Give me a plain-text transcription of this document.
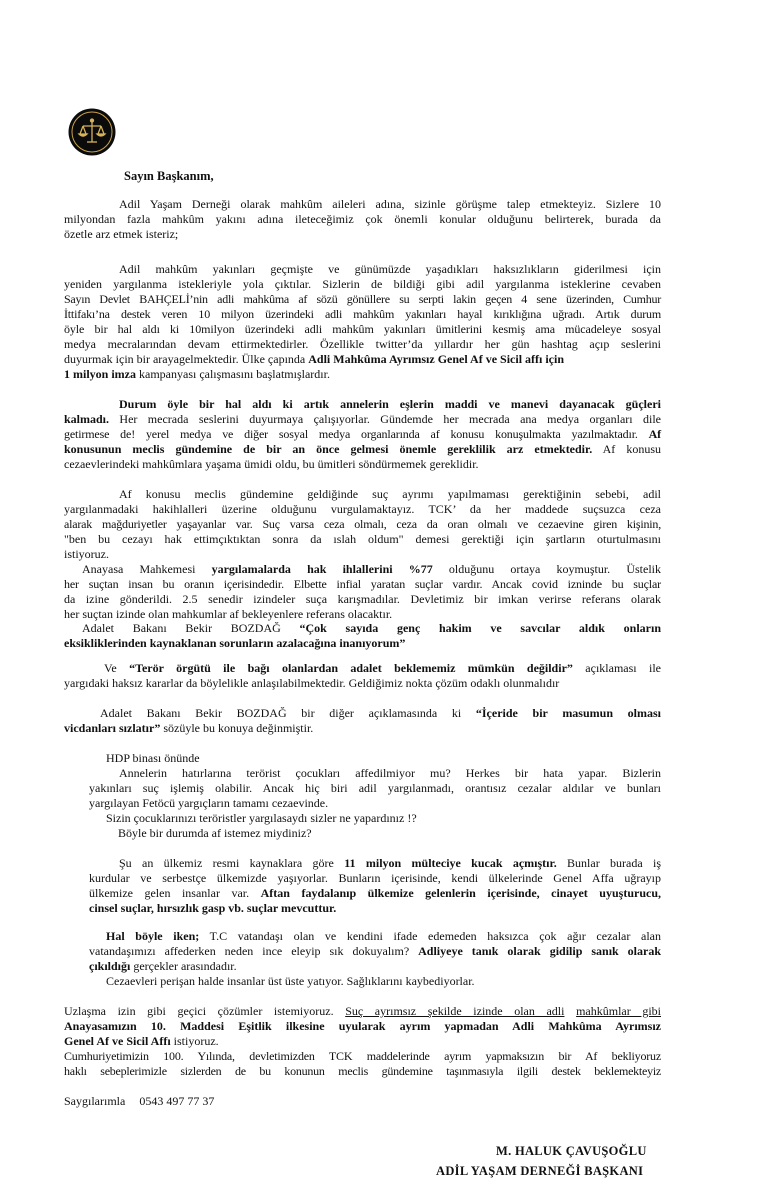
Sayın Başkanım,
Adil Yaşam Derneği olarak mahkûm aileleri adına, sizinle görüşme talep etmekteyiz. Sizlere 10
milyondan fazla mahkûm yakını adına ileteceğimiz çok önemli konular olduğunu belirterek, burada da
özetle arz etmek isteriz;
Adil mahkûm yakınları geçmişte ve günümüzde yaşadıkları haksızlıkların giderilmesi için
yeniden yargılanma istekleriyle yola çıktılar. Sizlerin de bildiği gibi adil yargılanma isteklerine cevaben
Sayın Devlet BAHÇELİ’nin adli mahkûma af sözü gönüllere su serpti lakin geçen 4 sene üzerinden, Cumhur
İttifakı’na destek veren 10 milyon üzerindeki adli mahkûm yakınları hayal kırıklığına uğradı. Artık durum
öyle bir hal aldı ki 10milyon üzerindeki adli mahkûm yakınları ümitlerini kesmiş ama mücadeleye sosyal
medya mecralarından devam ettirmektedirler. Özellikle twitter’da yıllardır her gün hashtag açıp seslerini
duyurmak için bir arayagelmektedir. Ülke çapında Adli Mahkûma Ayrımsız Genel Af ve Sicil affı için
1 milyon imza kampanyası çalışmasını başlatmışlardır.
Durum öyle bir hal aldı ki artık annelerin eşlerin maddi ve manevi dayanacak güçleri
kalmadı. Her mecrada seslerini duyurmaya çalışıyorlar. Gündemde her mecrada ana medya organları dile
getirmese de! yerel medya ve diğer sosyal medya organlarında af konusu konuşulmakta yazılmaktadır. Af
konusunun meclis gündemine de bir an önce gelmesi önemle gereklilik arz etmektedir. Af konusu
cezaevlerindeki mahkûmlara yaşama ümidi oldu, bu ümitleri söndürmemek gereklidir.
Af konusu meclis gündemine geldiğinde suç ayrımı yapılmaması gerektiğinin sebebi, adil
yargılanmadaki hakihlalleri üzerine olduğunu vurgulamaktayız. TCK’ da her maddede suçsuzca ceza
alarak mağduriyetler yaşayanlar var. Suç varsa ceza olmalı, ceza da oran olmalı ve cezaevine giren kişinin,
"ben bu cezayı hak ettimçıktıktan sonra da ıslah oldum" demesi gerektiği için şartların oturtulmasını
istiyoruz.
Anayasa Mahkemesi yargılamalarda hak ihlallerini %77 olduğunu ortaya koymuştur. Üstelik
her suçtan insan bu oranın içerisindedir. Elbette infial yaratan suçlar vardır. Ancak covid izninde bu suçlar
da izine gönderildi. 2.5 senedir izindeler suça karışmadılar. Devletimiz bir imkan verirse referans olarak
her suçtan izinde olan mahkumlar af bekleyenlere referans olacaktır.
Adalet Bakanı Bekir BOZDAĞ “Çok sayıda genç hakim ve savcılar aldık onların
eksikliklerinden kaynaklanan sorunların azalacağına inanıyorum”
Ve “Terör örgütü ile bağı olanlardan adalet beklememiz mümkün değildir” açıklaması ile
yargıdaki haksız kararlar da böylelikle anlaşılabilmektedir. Geldiğimiz nokta çözüm odaklı olunmalıdır
Adalet Bakanı Bekir BOZDAĞ bir diğer açıklamasında ki “İçeride bir masumun olması
vicdanları sızlatır” sözüyle bu konuya değinmiştir.
HDP binası önünde
Annelerin hatırlarına terörist çocukları affedilmiyor mu? Herkes bir hata yapar. Bizlerin
yakınları suç işlemiş olabilir. Ancak hiç biri adil yargılanmadı, orantısız cezalar aldılar ve bunları
yargılayan Fetöcü yargıçların tamamı cezaevinde.
Sizin çocuklarınızı teröristler yargılasaydı sizler ne yapardınız !?
Böyle bir durumda af istemez miydiniz?
Şu an ülkemiz resmi kaynaklara göre 11 milyon mülteciye kucak açmıştır. Bunlar burada iş
kurdular ve serbestçe ülkemizde yaşıyorlar. Bunların içerisinde, kendi ülkelerinde Genel Affa uğrayıp
ülkemize gelen insanlar var. Aftan faydalanıp ülkemize gelenlerin içerisinde, cinayet uyuşturucu,
cinsel suçlar, hırsızlık gasp vb. suçlar mevcuttur.
Hal böyle iken; T.C vatandaşı olan ve kendini ifade edemeden haksızca çok ağır cezalar alan
vatandaşımızı affederken neden ince eleyip sık dokuyalım? Adliyeye tanık olarak gidilip sanık olarak
çıkıldığı gerçekler arasındadır.
Cezaevleri perişan halde insanlar üst üste yatıyor. Sağlıklarını kaybediyorlar.
Uzlaşma izin gibi geçici çözümler istemiyoruz. Suç ayrımsız şekilde izinde olan adli mahkûmlar gibi
Anayasamızın 10. Maddesi Eşitlik ilkesine uyularak ayrım yapmadan Adli Mahkûma Ayrımsız
Genel Af ve Sicil Affı istiyoruz.
Cumhuriyetimizin 100. Yılında, devletimizden TCK maddelerinde ayrım yapmaksızın bir Af bekliyoruz
haklı sebeplerimizle sizlerden de bu konunun meclis gündemine taşınmasıyla ilgili destek beklemekteyiz
Saygılarımla 0543 497 77 37
M. HALUK ÇAVUŞOĞLU
ADİL YAŞAM DERNEĞİ BAŞKANI
